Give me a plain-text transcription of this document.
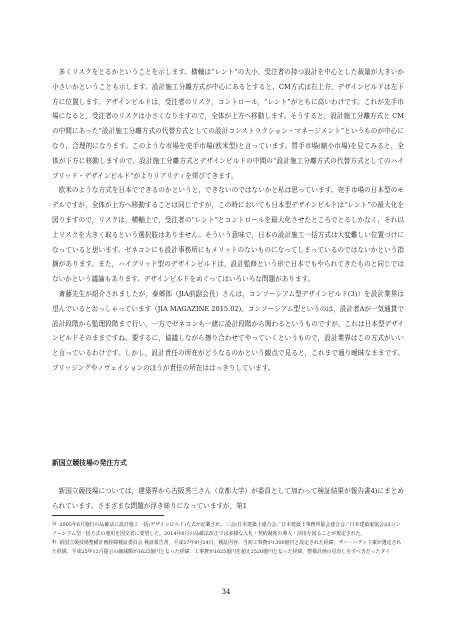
多くリスクをとるかということを示します。横軸は“レント”の大小、受注者の持つ設計を中心とした裁量が大きいか小さいかということも示します。設計施工分離方式が中心にあるとすると、CM方式は右上方，デザインビルドは左下方に位置します。デザインビルドは，受注者のリスク，コントロール，“レント”がともに高いわけです。これが先手市場になると，受注者のリスクは小さくなりますので，全体が上方へ移動します。そうすると，設計施工分離方式と CM の中間にあった“設計施工分離方式の代替方式としての設計コンストラクション・マネージメント”というものが中心になり，合理的になります。このような市場を売手市場(欧米型)と言っています。買手市場(縮小市場)を見てみると，全体が下方に移動しますので，設計施工分離方式とデザインビルドの中間の“設計施工分離方式の代替方式としてのハイブリッド・デザインビルド”がよりリアリティを帯びてきます。

欧米のような方式を日本でできるのかというと，できないのではないかと私は思っています。売手市場の日本型のモデルですが，全体が上方へ移動することは同じですが，この時においても日本型デザインビルドは“レント”の最大化を図りますので，リスクは，横軸上で，受注者の“レント”とコントロールを最大化させたところでとるしかなく，それ以上リスクを大きく取るという選択肢はありません。そういう意味で，日本の設計施工一括方式は大変難しい位置づけになっていると思います。ゼネコンにも設計事務所にもメリットのないものになってしまっているのではないかという指摘があります。また，ハイブリッド型のデザインビルドは，設計監修という形で日本でもやられてきたものと同じではないかという議論もあります。デザインビルドをめぐってはいろいろな問題があります。

斎藤先生が紹介されましたが，泰郷郎（JIA前副会長）さんは，コンソーシアム型デザインビルド(3)）を設計業界は望んでいるとおっしゃっています（JIA MAGAZINE 2015.02)。コンソーシアム型というのは，設計者Aが一気通貫で設計段階から監理段階まで行い，一方でゼネコンも一緒に設計段階から関わるというものですが，これは日本型デザインビルドそのままですね。要するに，協議しながら擦り合わせてやっていくというもので，設計業界はこの方式がいいと言っているわけです。しかし，設計責任の所在がどうなるのかという観点で見ると，これまで通り曖昧なままです。ブリッジングやノヴェイションのほうが責任の所在ははっきりしています。

新国立競技場の発注方式

新国立競技場については，建築界から古阪秀三さん（京都大学）が委員として加わって検証結果が報告書4)にまとめられています。さまざまな問題が浮き彫りになっていますが，第1

3) 2005年6月施行の品確法に設計施工一括(デザインビルド)方式が記載され，三会(日本建築士連合会／日本建築士事務所協会連合会／日本建築家協会)はコンソーシアム型一括方式の運用を国交省に要望した。2014年6月の品確法改正では多様な入札・契約制度の導入・活用を図ることが規定された。

4) 新国立競技場整備計画経緯検証委員会 検証報告書，平成27年9月24日，検証内容：当初工事費が1300億円と設定された経緯，ザハ・ハディド案が選定された経緯，平成25年12月提示の縮減額が1625億円となった経緯，工事費が1625億円を超え2520億円となった経緯，整備計画の見直しをすべきだったタイ

34
